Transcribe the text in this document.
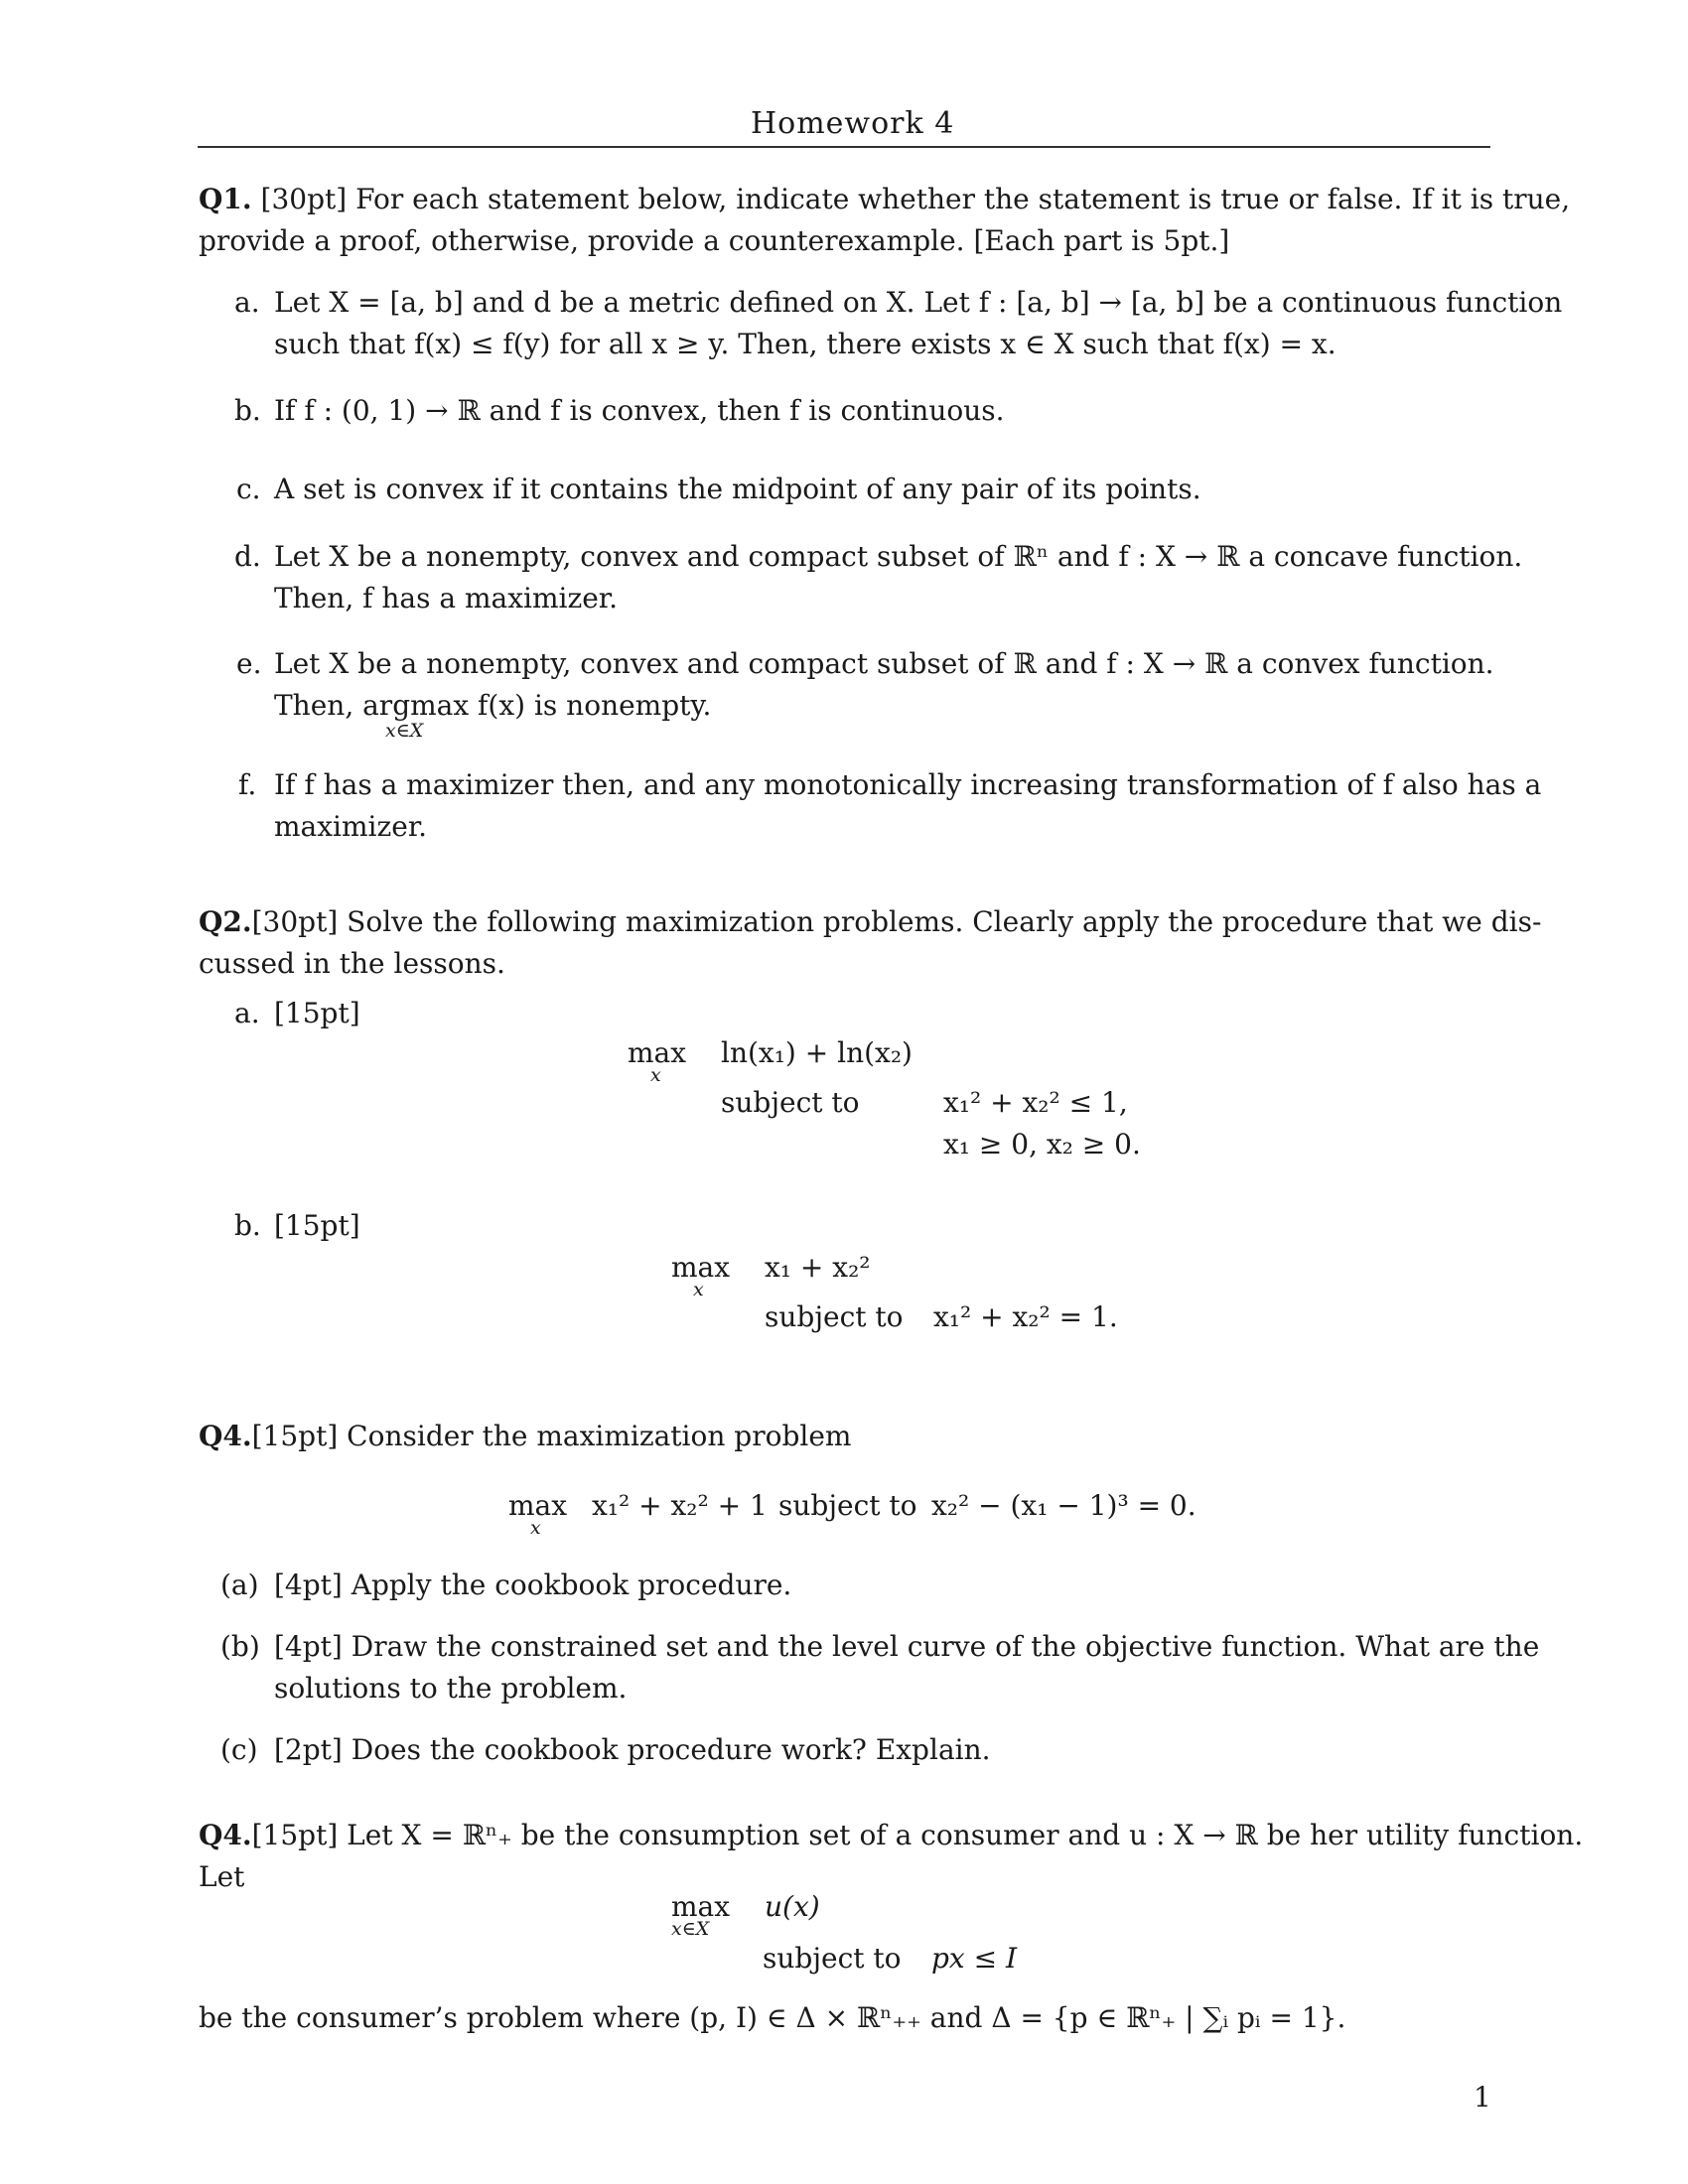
Homework 4
Q1. [30pt] For each statement below, indicate whether the statement is true or false. If it is true,
provide a proof, otherwise, provide a counterexample. [Each part is 5pt.]
a. Let X = [a, b] and d be a metric defined on X. Let f : [a, b] → [a, b] be a continuous function
such that f(x) ≤ f(y) for all x ≥ y. Then, there exists x ∈ X such that f(x) = x.
b. If f : (0, 1) → ℝ and f is convex, then f is continuous.
c. A set is convex if it contains the midpoint of any pair of its points.
d. Let X be a nonempty, convex and compact subset of ℝⁿ and f : X → ℝ a concave function.
Then, f has a maximizer.
e. Let X be a nonempty, convex and compact subset of ℝ and f : X → ℝ a convex function.
Then, argmax f(x) is nonempty.
x∈X
f. If f has a maximizer then, and any monotonically increasing transformation of f also has a
maximizer.
Q2.[30pt] Solve the following maximization problems. Clearly apply the procedure that we dis-
cussed in the lessons.
a. [15pt]
max
x
ln(x₁) + ln(x₂)
subject to	x₁² + x₂² ≤ 1,
x₁ ≥ 0, x₂ ≥ 0.
b. [15pt]
max
x
x₁ + x₂²
subject to x₁² + x₂² = 1.
Q4.[15pt] Consider the maximization problem
max
x
x₁² + x₂² + 1 subject to x₂² − (x₁ − 1)³ = 0.
(a) [4pt] Apply the cookbook procedure.
(b) [4pt] Draw the constrained set and the level curve of the objective function. What are the
solutions to the problem.
(c) [2pt] Does the cookbook procedure work? Explain.
Q4.[15pt] Let X = ℝⁿ₊ be the consumption set of a consumer and u : X → ℝ be her utility function.
Let
max
x∈X
u(x)
subject to px ≤ I
be the consumer’s problem where (p, I) ∈ Δ × ℝⁿ₊₊ and Δ = {p ∈ ℝⁿ₊ | ∑ᵢ pᵢ = 1}.
1
